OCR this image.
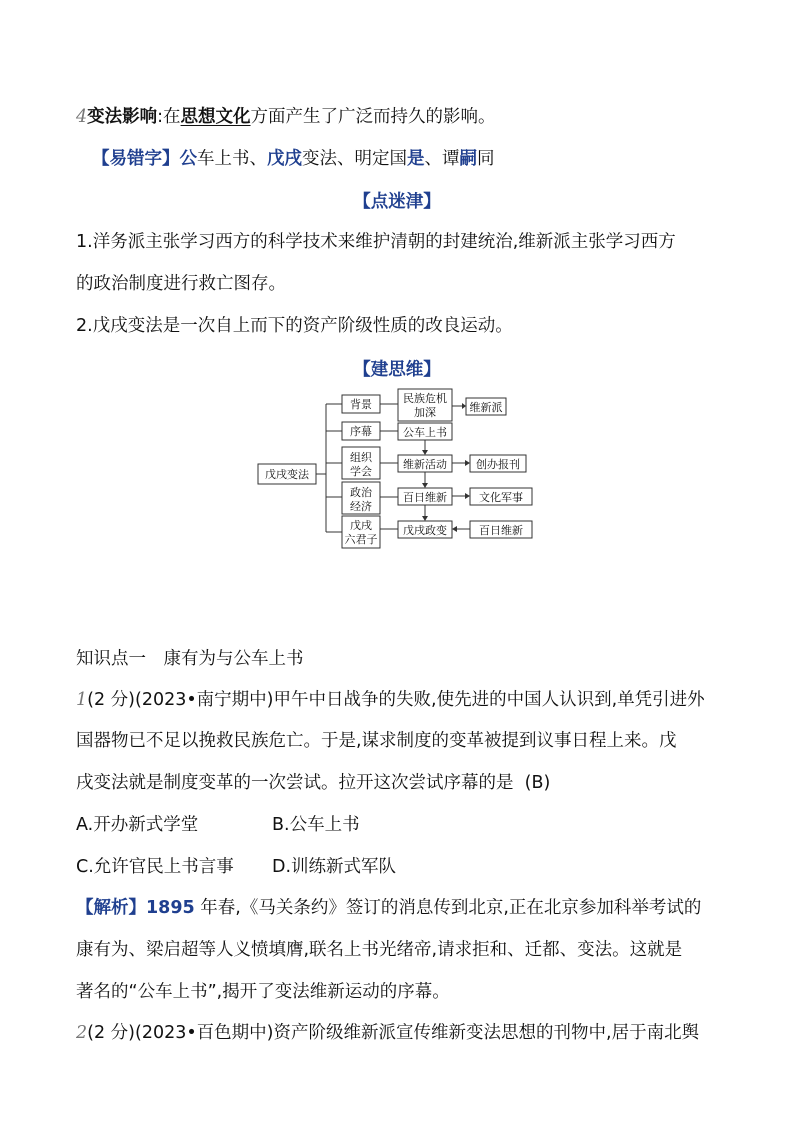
4变法影响:在思想文化方面产生了广泛而持久的影响。
【易错字】公车上书、戊戌变法、明定国是、谭嗣同
【点迷津】
1.洋务派主张学习西方的科学技术来维护清朝的封建统治,维新派主张学习西方
的政治制度进行救亡图存。
2.戊戌变法是一次自上而下的资产阶级性质的改良运动。
【建思维】
戊戌变法
背景
序幕
组织
学会
政治
经济
戊戌
六君子
民族危机
加深
公车上书
维新活动
百日维新
戊戌政变
维新派
创办报刊
文化军事
百日维新
知识点一　康有为与公车上书
1(2 分)(2023•南宁期中)甲午中日战争的失败,使先进的中国人认识到,单凭引进外
国器物已不足以挽救民族危亡。于是,谋求制度的变革被提到议事日程上来。戊
戌变法就是制度变革的一次尝试。拉开这次尝试序幕的是 (B)
A.开办新式学堂	B.公车上书
C.允许官民上书言事 D.训练新式军队
【解析】1895 年春,《马关条约》签订的消息传到北京,正在北京参加科举考试的
康有为、梁启超等人义愤填膺,联名上书光绪帝,请求拒和、迁都、变法。这就是
著名的“公车上书”,揭开了变法维新运动的序幕。
2(2 分)(2023•百色期中)资产阶级维新派宣传维新变法思想的刊物中,居于南北舆
